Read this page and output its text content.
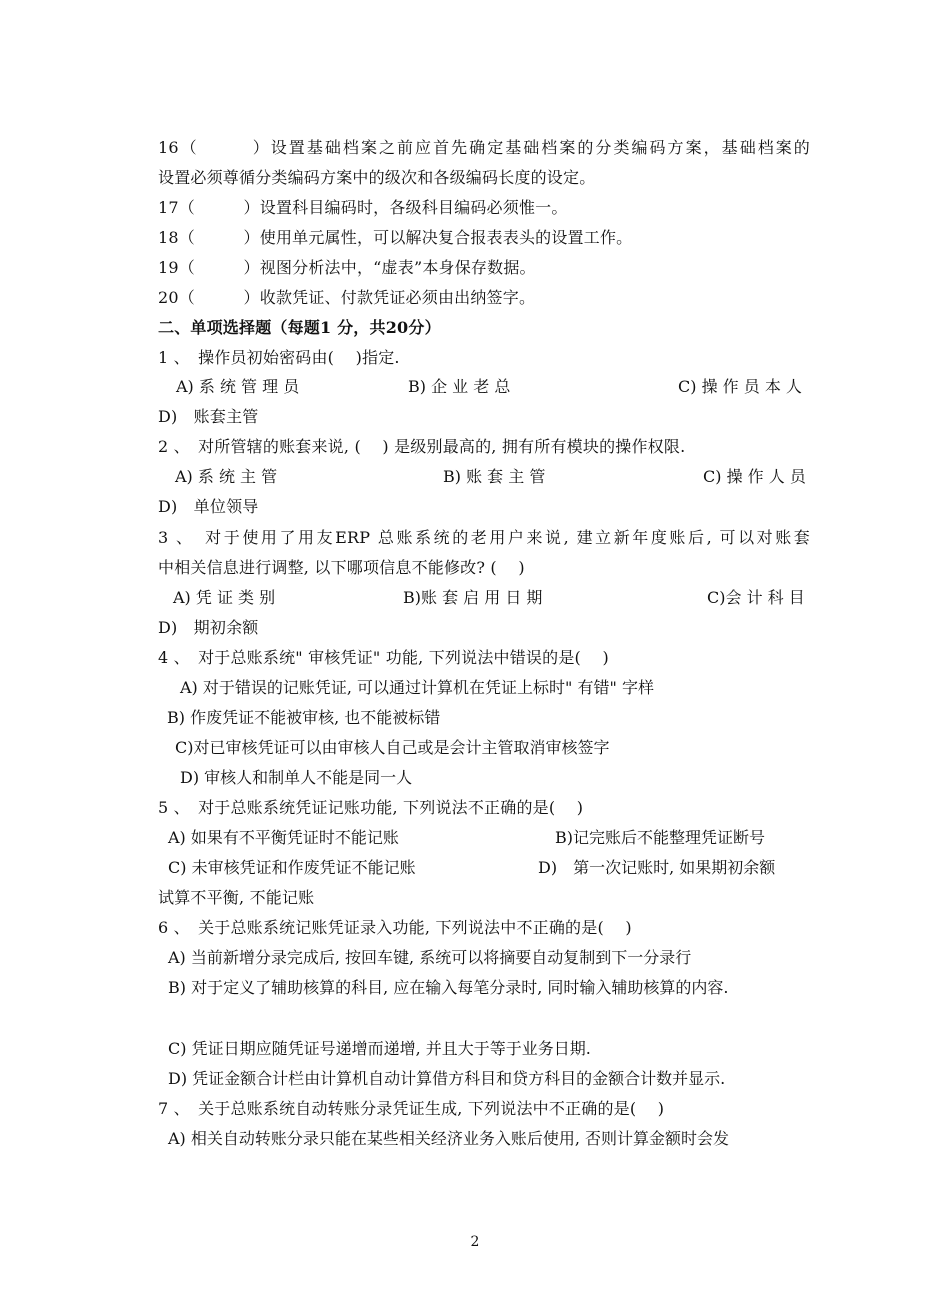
16（　　　）设置基础档案之前应首先确定基础档案的分类编码方案，基础档案的
设置必须尊循分类编码方案中的级次和各级编码长度的设定。
17（　　　）设置科目编码时，各级科目编码必须惟一。
18（　　　）使用单元属性，可以解决复合报表表头的设置工作。
19（　　　）视图分析法中，“虚表”本身保存数据。
20（　　　）收款凭证、付款凭证必须由出纳签字。
二、单项选择题（每题1 分，共20分）
1 、　操作员初始密码由(　 )指定.
A) 系 统 管 理 员	B) 企 业 老 总	C) 操 作 员 本 人
D)　账套主管
2 、　对所管辖的账套来说, (　 ) 是级别最高的, 拥有所有模块的操作权限.
A) 系 统 主 管	B) 账 套 主 管	C) 操 作 人 员
D)　单位领导
3 、　对于使用了用友ERP 总账系统的老用户来说, 建立新年度账后, 可以对账套
中相关信息进行调整, 以下哪项信息不能修改? (　 )
A) 凭 证 类 别	B)账 套 启 用 日 期	C)会 计 科 目
D)　期初余额
4 、　对于总账系统" 审核凭证" 功能, 下列说法中错误的是(　 )
A) 对于错误的记账凭证, 可以通过计算机在凭证上标时" 有错" 字样
B) 作废凭证不能被审核, 也不能被标错
C)对已审核凭证可以由审核人自己或是会计主管取消审核签字
D) 审核人和制单人不能是同一人
5 、　对于总账系统凭证记账功能, 下列说法不正确的是(　 )
A) 如果有不平衡凭证时不能记账	B)记完账后不能整理凭证断号
C) 未审核凭证和作废凭证不能记账	D)　第一次记账时, 如果期初余额
试算不平衡, 不能记账
6 、　关于总账系统记账凭证录入功能, 下列说法中不正确的是(　 )
A) 当前新增分录完成后, 按回车键, 系统可以将摘要自动复制到下一分录行
B) 对于定义了辅助核算的科目, 应在输入每笔分录时, 同时输入辅助核算的内容.
C) 凭证日期应随凭证号递增而递增, 并且大于等于业务日期.
D) 凭证金额合计栏由计算机自动计算借方科目和贷方科目的金额合计数并显示.
7 、　关于总账系统自动转账分录凭证生成, 下列说法中不正确的是(　 )
A) 相关自动转账分录只能在某些相关经济业务入账后使用, 否则计算金额时会发
2
